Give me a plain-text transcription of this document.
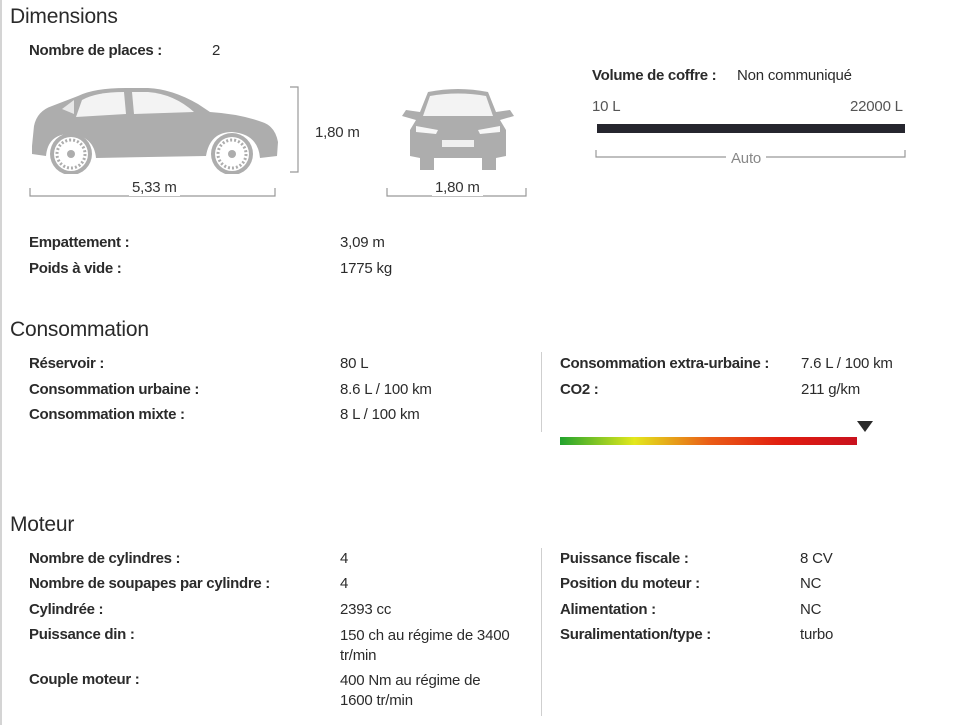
Dimensions
Nombre de places :	2
1,80 m
5,33 m	1,80 m
Volume de coffre : Non communiqué
10 L	22000 L
Auto
Empattement :	3,09 m
Poids à vide :	1775 kg
Consommation
Réservoir :	80 L
Consommation urbaine :	8.6 L / 100 km
Consommation mixte :	8 L / 100 km
Consommation extra-urbaine : 7.6 L / 100 km
CO2 :	211 g/km
Moteur
Nombre de cylindres :	4
Nombre de soupapes par cylindre :	4
Cylindrée :	2393 cc
Puissance din :	150 ch au régime de 3400 tr/min
Couple moteur :	400 Nm au régime de 1600 tr/min
Puissance fiscale :	8 CV
Position du moteur :	NC
Alimentation :	NC
Suralimentation/type :	turbo
